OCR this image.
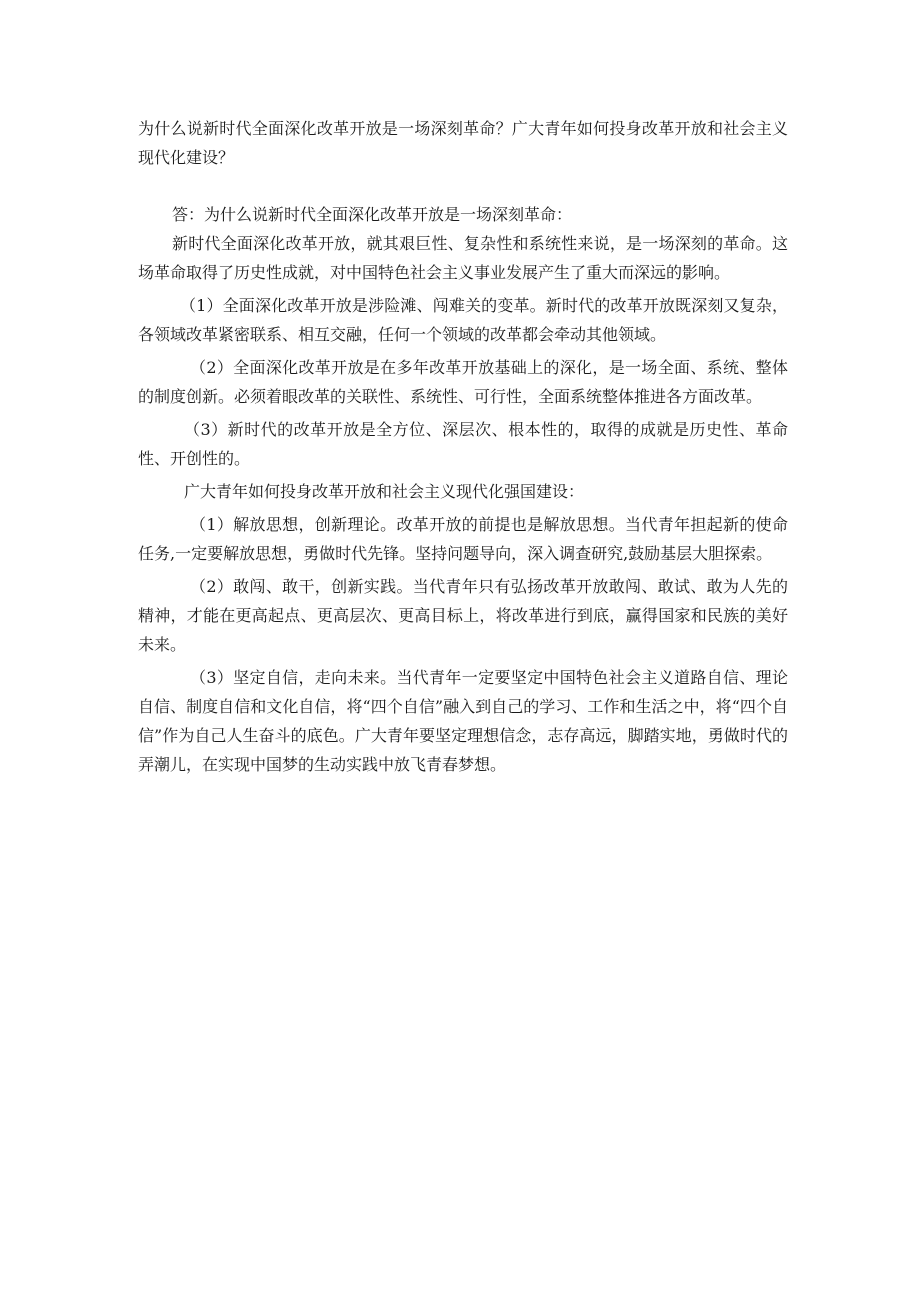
为什么说新时代全面深化改革开放是一场深刻革命？广大青年如何投身改革开放和社会主义现代化建设？

答：为什么说新时代全面深化改革开放是一场深刻革命：

新时代全面深化改革开放，就其艰巨性、复杂性和系统性来说，是一场深刻的革命。这场革命取得了历史性成就，对中国特色社会主义事业发展产生了重大而深远的影响。

（1）全面深化改革开放是涉险滩、闯难关的变革。新时代的改革开放既深刻又复杂，各领域改革紧密联系、相互交融，任何一个领域的改革都会牵动其他领域。

（2）全面深化改革开放是在多年改革开放基础上的深化，是一场全面、系统、整体的制度创新。必须着眼改革的关联性、系统性、可行性，全面系统整体推进各方面改革。

（3）新时代的改革开放是全方位、深层次、根本性的，取得的成就是历史性、革命性、开创性的。

广大青年如何投身改革开放和社会主义现代化强国建设：

（1）解放思想，创新理论。改革开放的前提也是解放思想。当代青年担起新的使命任务,一定要解放思想，勇做时代先锋。坚持问题导向，深入调查研究,鼓励基层大胆探索。

（2）敢闯、敢干，创新实践。当代青年只有弘扬改革开放敢闯、敢试、敢为人先的精神，才能在更高起点、更高层次、更高目标上，将改革进行到底，赢得国家和民族的美好未来。

（3）坚定自信，走向未来。当代青年一定要坚定中国特色社会主义道路自信、理论自信、制度自信和文化自信，将“四个自信”融入到自己的学习、工作和生活之中，将“四个自信”作为自己人生奋斗的底色。广大青年要坚定理想信念，志存高远，脚踏实地，勇做时代的弄潮儿，在实现中国梦的生动实践中放飞青春梦想。
